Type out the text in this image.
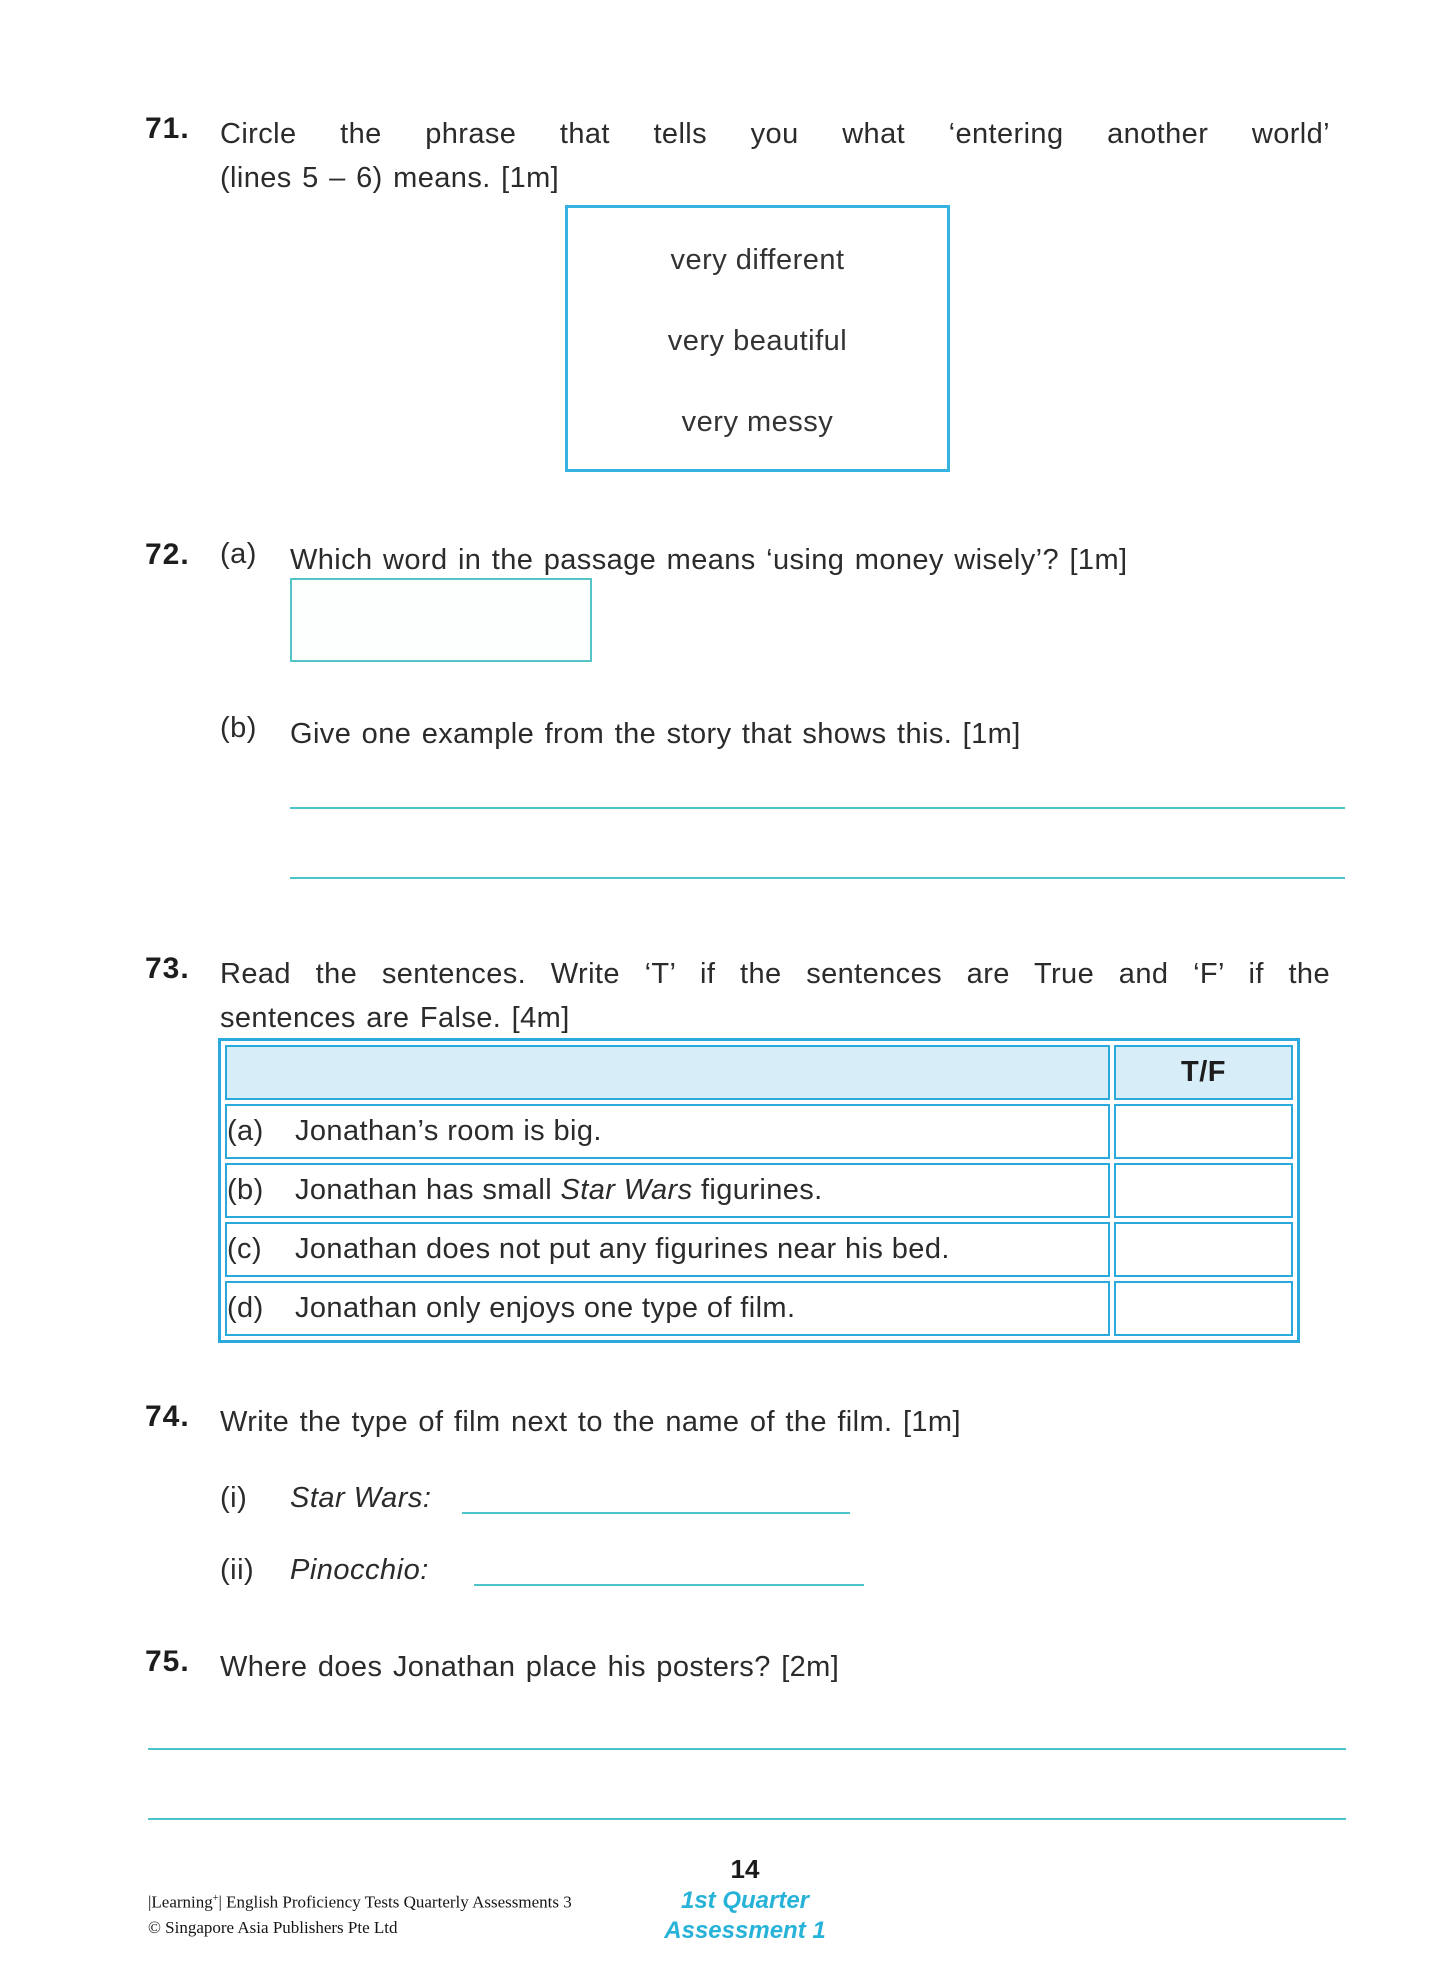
71.	Circle the phrase that tells you what ‘entering another world’
(lines 5 – 6) means. [1m]
very different
very beautiful
very messy
72.	(a)	Which word in the passage means ‘using money wisely’? [1m]
(b)	Give one example from the story that shows this. [1m]
73.	Read the sentences. Write ‘T’ if the sentences are True and ‘F’ if the
sentences are False. [4m]
	T/F
(a) Jonathan’s room is big.	
(b) Jonathan has small Star Wars figurines.	
(c) Jonathan does not put any figurines near his bed.	
(d) Jonathan only enjoys one type of film.	
74.	Write the type of film next to the name of the film. [1m]
(i)	Star Wars:
(ii)	Pinocchio:
75.	Where does Jonathan place his posters? [2m]
14
|Learning+| English Proficiency Tests Quarterly Assessments 3
© Singapore Asia Publishers Pte Ltd
1st Quarter
Assessment 1
